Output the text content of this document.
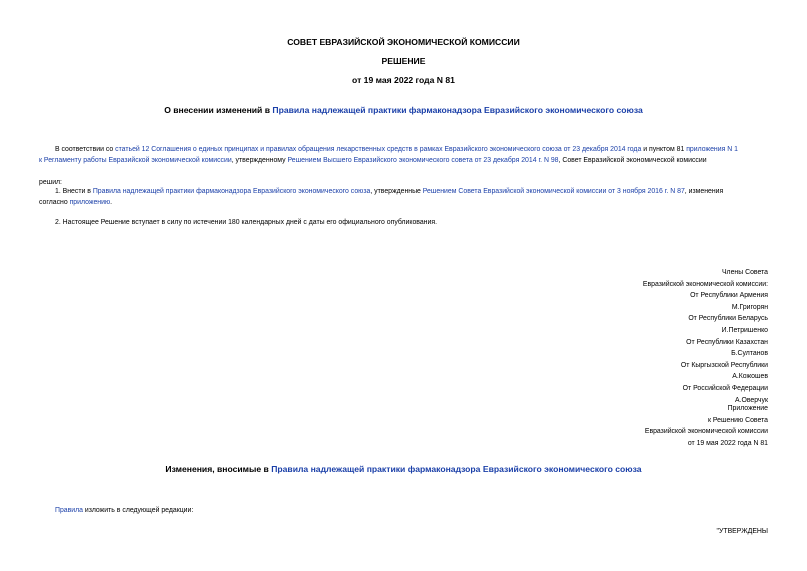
СОВЕТ ЕВРАЗИЙСКОЙ ЭКОНОМИЧЕСКОЙ КОМИССИИ
РЕШЕНИЕ
от 19 мая 2022 года N 81
О внесении изменений в Правила надлежащей практики фармаконадзора Евразийского экономического союза
В соответствии со статьей 12 Соглашения о единых принципах и правилах обращения лекарственных средств в рамках Евразийского экономического союза от 23 декабря 2014 года и пунктом 81 приложения N 1
к Регламенту работы Евразийской экономической комиссии, утвержденному Решением Высшего Евразийского экономического совета от 23 декабря 2014 г. N 98, Совет Евразийской экономической комиссии
решил:
1. Внести в Правила надлежащей практики фармаконадзора Евразийского экономического союза, утвержденные Решением Совета Евразийской экономической комиссии от 3 ноября 2016 г. N 87, изменения
согласно приложению.
2. Настоящее Решение вступает в силу по истечении 180 календарных дней с даты его официального опубликования.
Члены Совета
Евразийской экономической комиссии:
От Республики Армения
М.Григорян
От Республики Беларусь
И.Петришенко
От Республики Казахстан
Б.Султанов
От Кыргызской Республики
А.Кожошев
От Российской Федерации
А.Оверчук
Приложение
к Решению Совета
Евразийской экономической комиссии
от 19 мая 2022 года N 81
Изменения, вносимые в Правила надлежащей практики фармаконадзора Евразийского экономического союза
Правила изложить в следующей редакции:
"УТВЕРЖДЕНЫ
